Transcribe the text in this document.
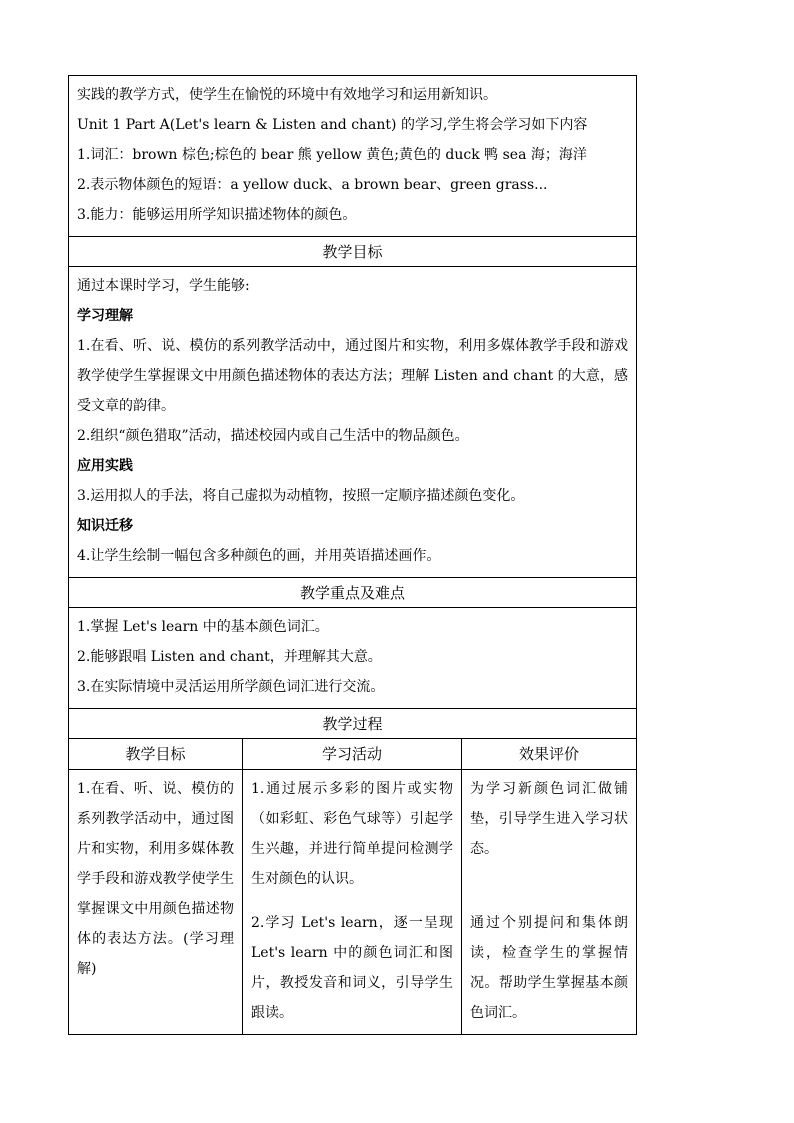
实践的教学方式，使学生在愉悦的环境中有效地学习和运用新知识。

Unit 1 Part A(Let's learn & Listen and chant) 的学习,学生将会学习如下内容

1.词汇：brown 棕色;棕色的 bear 熊 yellow 黄色;黄色的 duck 鸭 sea 海；海洋

2.表示物体颜色的短语：a yellow duck、a brown bear、green grass...

3.能力：能够运用所学知识描述物体的颜色。

教学目标

通过本课时学习，学生能够:

学习理解

1.在看、听、说、模仿的系列教学活动中，通过图片和实物，利用多媒体教学手段和游戏教学使学生掌握课文中用颜色描述物体的表达方法；理解 Listen and chant 的大意，感受文章的韵律。

2.组织“颜色猎取”活动，描述校园内或自己生活中的物品颜色。

应用实践

3.运用拟人的手法，将自己虚拟为动植物，按照一定顺序描述颜色变化。

知识迁移

4.让学生绘制一幅包含多种颜色的画，并用英语描述画作。

教学重点及难点

1.掌握 Let's learn 中的基本颜色词汇。

2.能够跟唱 Listen and chant，并理解其大意。

3.在实际情境中灵活运用所学颜色词汇进行交流。

教学过程
教学目标	学习活动	效果评价

1.在看、听、说、模仿的系列教学活动中，通过图片和实物，利用多媒体教学手段和游戏教学使学生掌握课文中用颜色描述物体的表达方法。(学习理解)

1.通过展示多彩的图片或实物（如彩虹、彩色气球等）引起学生兴趣，并进行简单提问检测学生对颜色的认识。

2.学习 Let's learn，逐一呈现 Let's learn 中的颜色词汇和图片，教授发音和词义，引导学生跟读。

为学习新颜色词汇做铺垫，引导学生进入学习状态。

通过个别提问和集体朗读，检查学生的掌握情况。帮助学生掌握基本颜色词汇。
